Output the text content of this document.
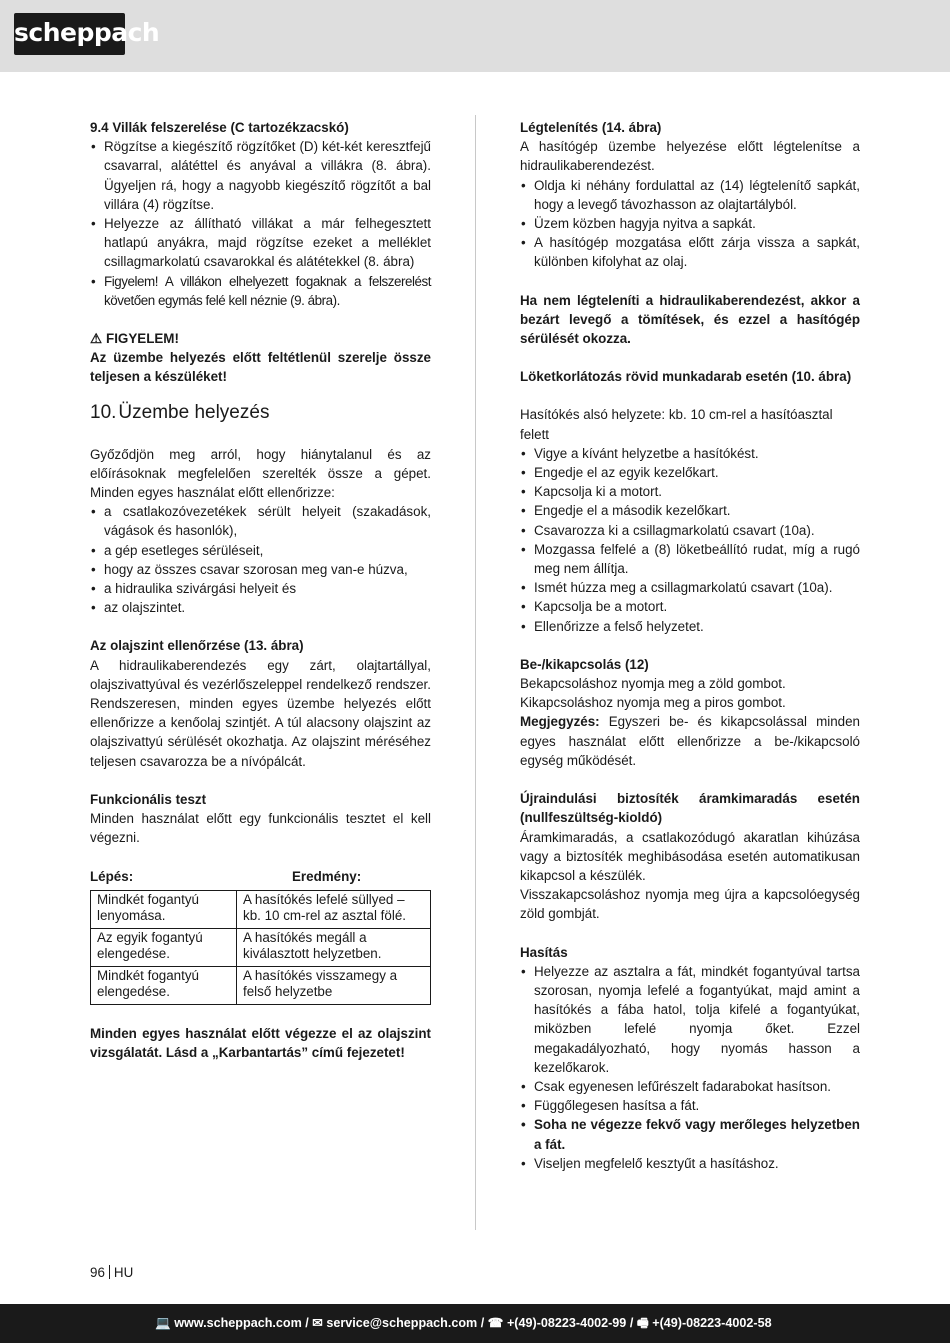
scheppach

9.4 Villák felszerelése (C tartozékzacskó)

• Rögzítse a kiegészítő rögzítőket (D) két-két keresztfejű csavarral, alátéttel és anyával a villákra (8. ábra). Ügyeljen rá, hogy a nagyobb kiegészítő rögzítőt a bal villára (4) rögzítse.
• Helyezze az állítható villákat a már felhegesztett hatlapú anyákra, majd rögzítse ezeket a melléklet csillagmarkolatú csavarokkal és alátétekkel (8. ábra)
• Figyelem! A villákon elhelyezett fogaknak a felszerelést követően egymás felé kell néznie (9. ábra).

⚠ FIGYELEM!

Az üzembe helyezés előtt feltétlenül szerelje össze teljesen a készüléket!

10. Üzembe helyezés

Győződjön meg arról, hogy hiánytalanul és az előírásoknak megfelelően szerelték össze a gépet. Minden egyes használat előtt ellenőrizze:

• a csatlakozóvezetékek sérült helyeit (szakadások, vágások és hasonlók),
• a gép esetleges sérüléseit,
• hogy az összes csavar szorosan meg van-e húzva,
• a hidraulika szivárgási helyeit és
• az olajszintet.

Az olajszint ellenőrzése (13. ábra)

A hidraulikaberendezés egy zárt, olajtartállyal, olajszivattyúval és vezérlőszeleppel rendelkező rendszer. Rendszeresen, minden egyes üzembe helyezés előtt ellenőrizze a kenőolaj szintjét. A túl alacsony olajszint az olajszivattyú sérülését okozhatja. Az olajszint méréséhez teljesen csavarozza be a nívópálcát.

Funkcionális teszt

Minden használat előtt egy funkcionális tesztet el kell végezni.

Lépés:	Eredmény:
Mindkét fogantyú lenyomása.	A hasítókés lefelé süllyed – kb. 10 cm-rel az asztal fölé.
Az egyik fogantyú elengedése.	A hasítókés megáll a kiválasztott helyzetben.
Mindkét fogantyú elengedése.	A hasítókés visszamegy a felső helyzetbe

Minden egyes használat előtt végezze el az olajszint vizsgálatát. Lásd a „Karbantartás” című fejezetet!

Légtelenítés (14. ábra)

A hasítógép üzembe helyezése előtt légtelenítse a hidraulikaberendezést.

• Oldja ki néhány fordulattal az (14) légtelenítő sapkát, hogy a levegő távozhasson az olajtartályból.
• Üzem közben hagyja nyitva a sapkát.
• A hasítógép mozgatása előtt zárja vissza a sapkát, különben kifolyhat az olaj.

Ha nem légteleníti a hidraulikaberendezést, akkor a bezárt levegő a tömítések, és ezzel a hasítógép sérülését okozza.

Löketkorlátozás rövid munkadarab esetén (10. ábra)

Hasítókés alsó helyzete: kb. 10 cm-rel a hasítóasztal felett

• Vigye a kívánt helyzetbe a hasítókést.
• Engedje el az egyik kezelőkart.
• Kapcsolja ki a motort.
• Engedje el a második kezelőkart.
• Csavarozza ki a csillagmarkolatú csavart (10a).
• Mozgassa felfelé a (8) löketbeállító rudat, míg a rugó meg nem állítja.
• Ismét húzza meg a csillagmarkolatú csavart (10a).
• Kapcsolja be a motort.
• Ellenőrizze a felső helyzetet.

Be-/kikapcsolás (12)

Bekapcsoláshoz nyomja meg a zöld gombot.

Kikapcsoláshoz nyomja meg a piros gombot.

Megjegyzés: Egyszeri be- és kikapcsolással minden egyes használat előtt ellenőrizze a be-/kikapcsoló egység működését.

Újraindulási biztosíték áramkimaradás esetén (nullfeszültség-kioldó)

Áramkimaradás, a csatlakozódugó akaratlan kihúzása vagy a biztosíték meghibásodása esetén automatikusan kikapcsol a készülék.

Visszakapcsoláshoz nyomja meg újra a kapcsolóegység zöld gombját.

Hasítás

• Helyezze az asztalra a fát, mindkét fogantyúval tartsa szorosan, nyomja lefelé a fogantyúkat, majd amint a hasítókés a fába hatol, tolja kifelé a fogantyúkat, miközben lefelé nyomja őket. Ezzel megakadályozható, hogy nyomás hasson a kezelőkarok.
• Csak egyenesen lefűrészelt fadarabokat hasítson.
• Függőlegesen hasítsa a fát.
• Soha ne végezze fekvő vagy merőleges helyzetben a fát.
• Viseljen megfelelő kesztyűt a hasításhoz.
96 HU
💻 www.scheppach.com / ✉ service@scheppach.com / ☎ +(49)-08223-4002-99 / 🖷 +(49)-08223-4002-58
